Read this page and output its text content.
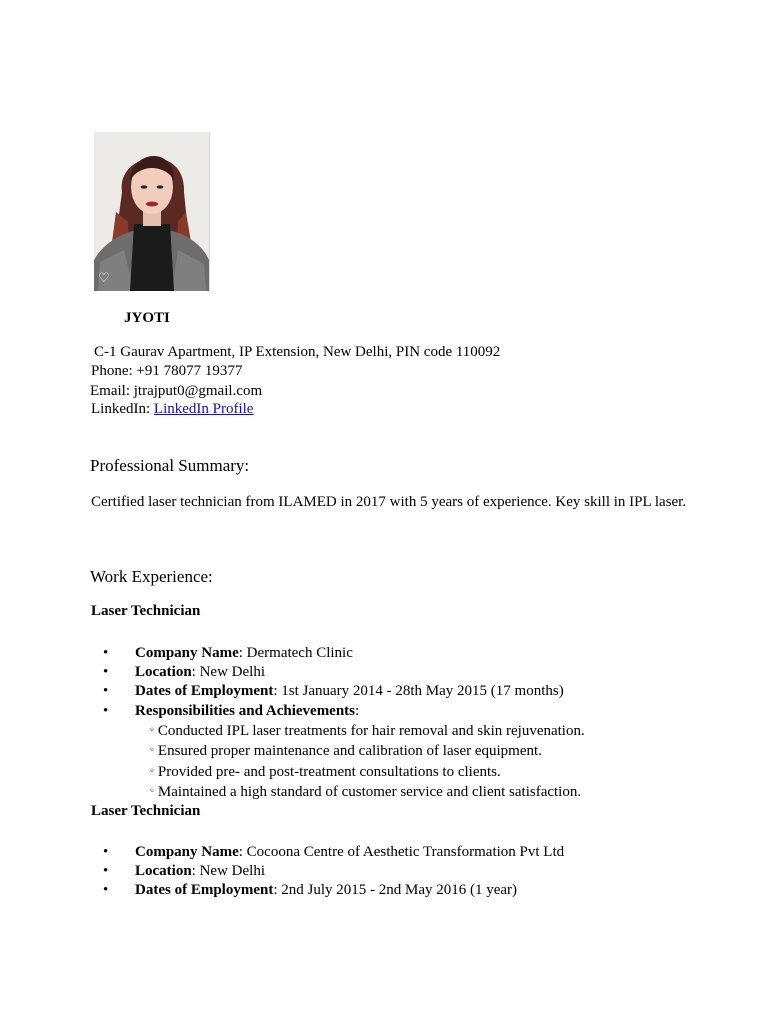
♡
JYOTI
C-1 Gaurav Apartment, IP Extension, New Delhi, PIN code 110092
Phone: +91 78077 19377
Email: jtrajput0@gmail.com
LinkedIn: LinkedIn Profile
Professional Summary:
Certified laser technician from ILAMED in 2017 with 5 years of experience. Key skill in IPL laser.
Work Experience:
Laser Technician
• Company Name: Dermatech Clinic
• Location: New Delhi
• Dates of Employment: 1st January 2014 - 28th May 2015 (17 months)
• Responsibilities and Achievements:
◦ Conducted IPL laser treatments for hair removal and skin rejuvenation.
◦ Ensured proper maintenance and calibration of laser equipment.
◦ Provided pre- and post-treatment consultations to clients.
◦ Maintained a high standard of customer service and client satisfaction.
Laser Technician
• Company Name: Cocoona Centre of Aesthetic Transformation Pvt Ltd
• Location: New Delhi
• Dates of Employment: 2nd July 2015 - 2nd May 2016 (1 year)
